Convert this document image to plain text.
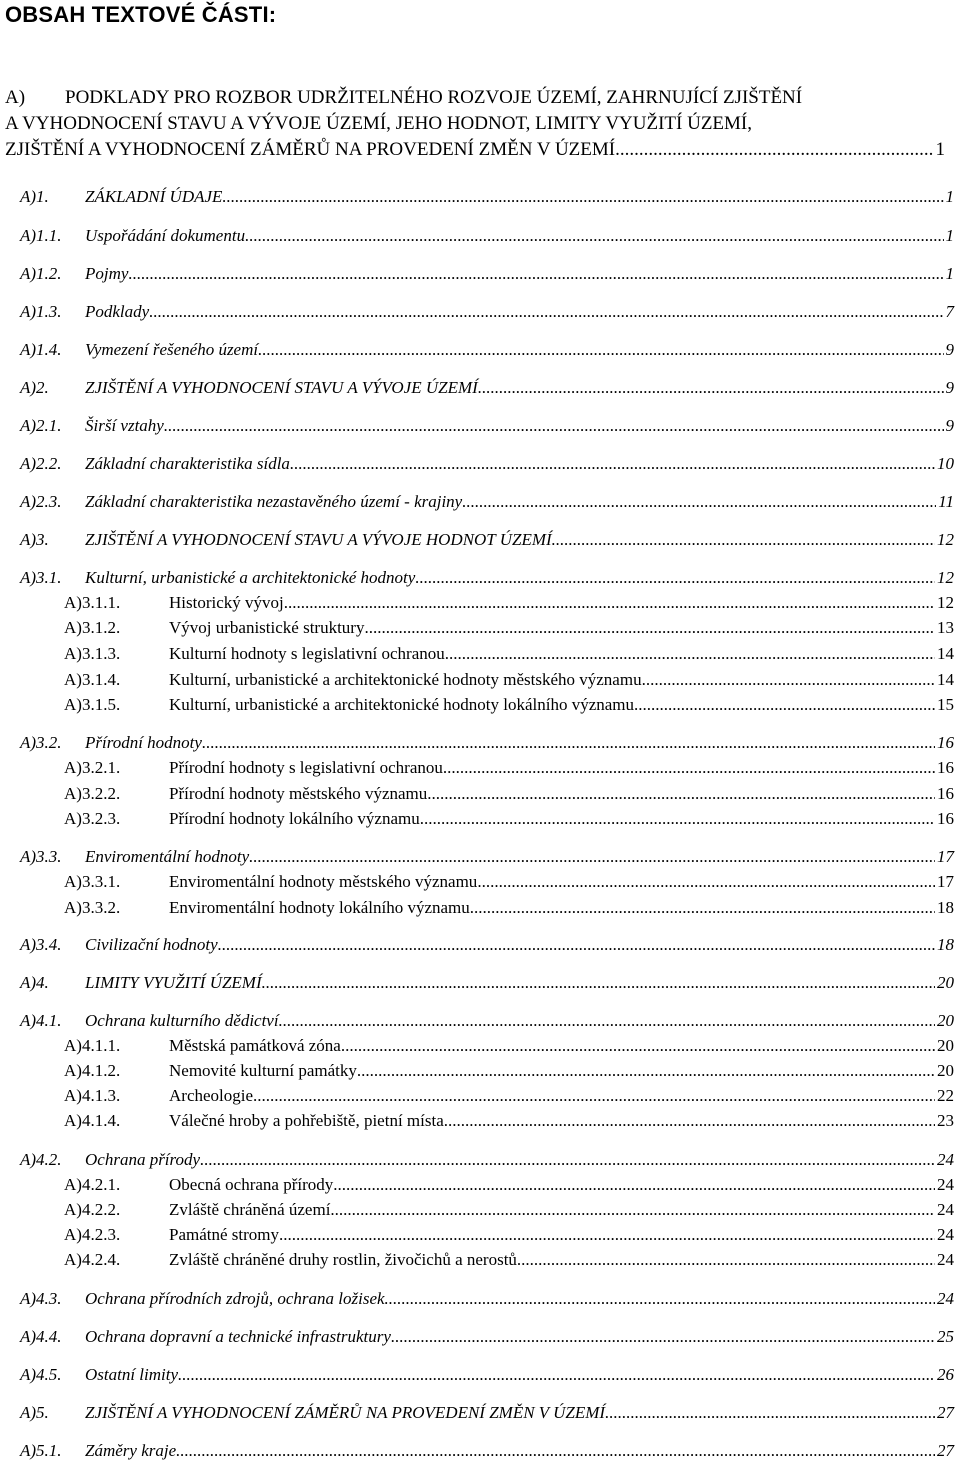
OBSAH TEXTOVÉ ČÁSTI:
A)	PODKLADY PRO ROZBOR UDRŽITELNÉHO ROZVOJE ÚZEMÍ, ZAHRNUJÍCÍ ZJIŠTĚNÍ
A VYHODNOCENÍ STAVU A VÝVOJE ÚZEMÍ, JEHO HODNOT, LIMITY VYUŽITÍ ÚZEMÍ,
ZJIŠTĚNÍ A VYHODNOCENÍ ZÁMĚRŮ NA PROVEDENÍ ZMĚN V ÚZEMÍ .....	1
A)1.	ZÁKLADNÍ ÚDAJE .....	1
A)1.1.	Uspořádání dokumentu .....	1
A)1.2.	Pojmy .....	1
A)1.3.	Podklady .....	7
A)1.4.	Vymezení řešeného území .....	9
A)2.	ZJIŠTĚNÍ A VYHODNOCENÍ STAVU A VÝVOJE ÚZEMÍ .....	9
A)2.1.	Širší vztahy .....	9
A)2.2.	Základní charakteristika sídla .....	10
A)2.3.	Základní charakteristika nezastavěného území - krajiny .....	11
A)3.	ZJIŠTĚNÍ A VYHODNOCENÍ STAVU A VÝVOJE HODNOT ÚZEMÍ .....	12
A)3.1.	Kulturní, urbanistické a architektonické hodnoty .....	12
A)3.1.1.	Historický vývoj .....	12
A)3.1.2.	Vývoj urbanistické struktury .....	13
A)3.1.3.	Kulturní hodnoty s legislativní ochranou .....	14
A)3.1.4.	Kulturní, urbanistické a architektonické hodnoty městského významu .....	14
A)3.1.5.	Kulturní, urbanistické a architektonické hodnoty lokálního významu .....	15
A)3.2.	Přírodní hodnoty .....	16
A)3.2.1.	Přírodní hodnoty s legislativní ochranou .....	16
A)3.2.2.	Přírodní hodnoty městského významu .....	16
A)3.2.3.	Přírodní hodnoty lokálního významu .....	16
A)3.3.	Enviromentální hodnoty .....	17
A)3.3.1.	Enviromentální hodnoty městského významu .....	17
A)3.3.2.	Enviromentální hodnoty lokálního významu .....	18
A)3.4.	Civilizační hodnoty .....	18
A)4.	LIMITY VYUŽITÍ ÚZEMÍ .....	20
A)4.1.	Ochrana kulturního dědictví .....	20
A)4.1.1.	Městská památková zóna .....	20
A)4.1.2.	Nemovité kulturní památky .....	20
A)4.1.3.	Archeologie .....	22
A)4.1.4.	Válečné hroby a pohřebiště, pietní místa .....	23
A)4.2.	Ochrana přírody .....	24
A)4.2.1.	Obecná ochrana přírody .....	24
A)4.2.2.	Zvláště chráněná území .....	24
A)4.2.3.	Památné stromy .....	24
A)4.2.4.	Zvláště chráněné druhy rostlin, živočichů a nerostů .....	24
A)4.3.	Ochrana přírodních zdrojů, ochrana ložisek .....	24
A)4.4.	Ochrana dopravní a technické infrastruktury .....	25
A)4.5.	Ostatní limity .....	26
A)5.	ZJIŠTĚNÍ A VYHODNOCENÍ ZÁMĚRŮ NA PROVEDENÍ ZMĚN V ÚZEMÍ .....	27
A)5.1.	Záměry kraje .....	27
